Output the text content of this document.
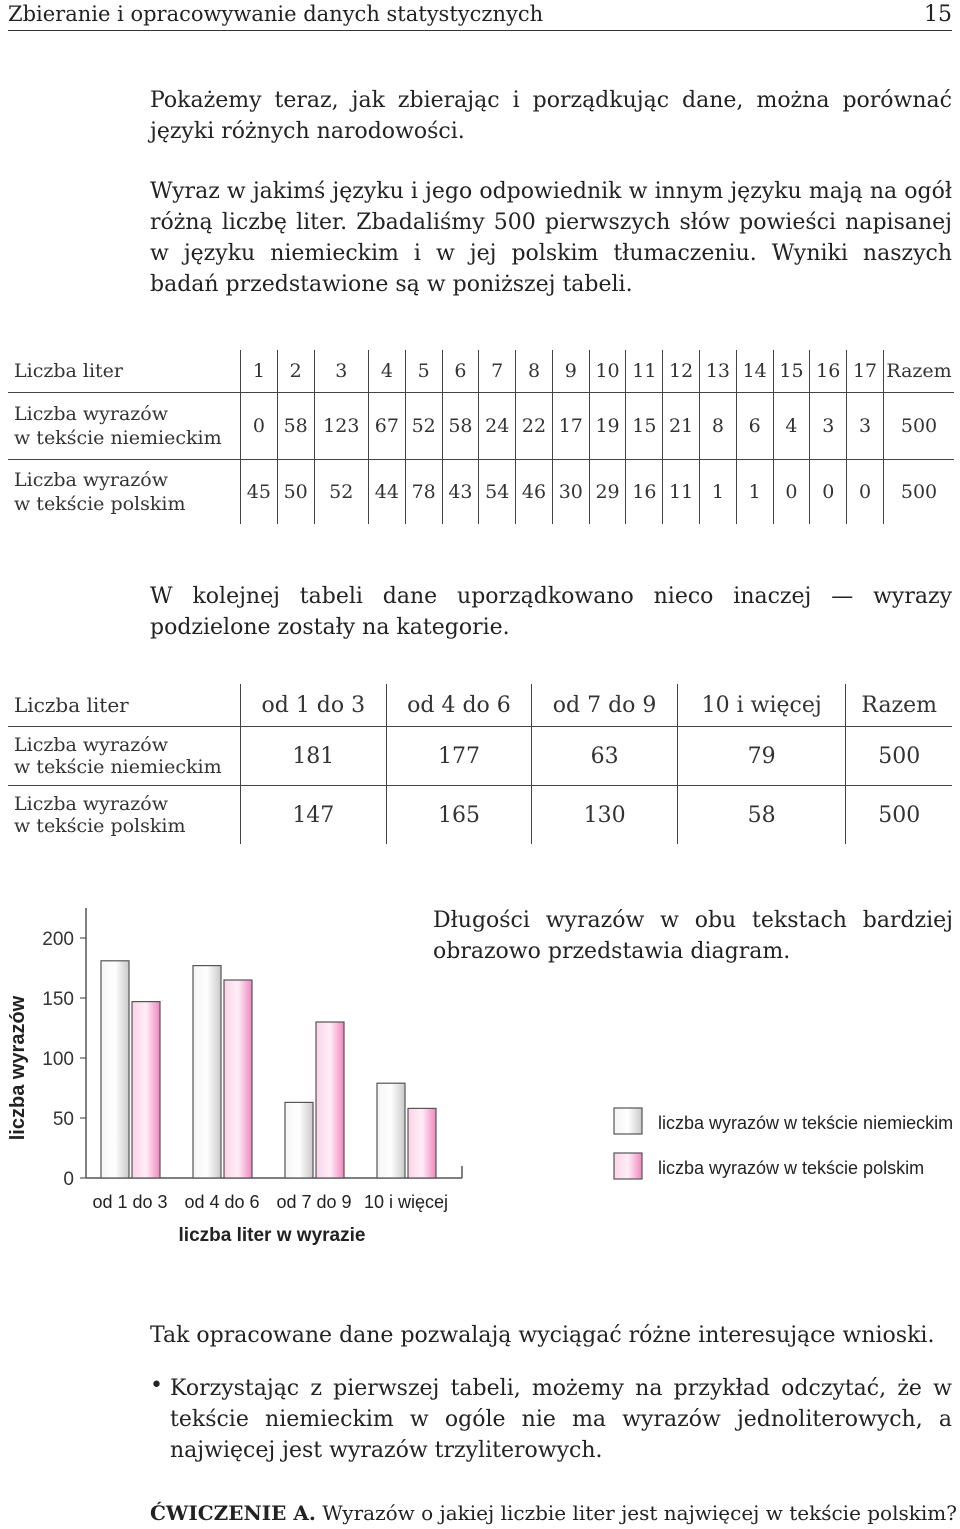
Zbieranie i opracowywanie danych statystycznych	15

Pokażemy teraz, jak zbierając i porządkując dane, można porównać języki różnych narodowości.

Wyraz w jakimś języku i jego odpowiednik w innym języku mają na ogół różną liczbę liter. Zbadaliśmy 500 pierwszych słów powieści napisanej w języku niemieckim i w jej polskim tłumaczeniu. Wyniki naszych badań przedstawione są w poniższej tabeli.

Liczba liter	1	2	3	4	5	6	7	8	9	10	11	12	13	14	15	16	17	Razem
Liczba wyrazów
w tekście niemieckim	0	58	123	67	52	58	24	22	17	19	15	21	8	6	4	3	3	500
Liczba wyrazów
w tekście polskim	45	50	52	44	78	43	54	46	30	29	16	11	1	1	0	0	0	500

W kolejnej tabeli dane uporządkowano nieco inaczej — wyrazy podzielone zostały na kategorie.

Liczba liter	od 1 do 3	od 4 do 6	od 7 do 9	10 i więcej	Razem
Liczba wyrazów
w tekście niemieckim	181	177	63	79	500
Liczba wyrazów
w tekście polskim	147	165	130	58	500

Długości wyrazów w obu tekstach bardziej obrazowo przedstawia diagram.

0
50
100
150
200
liczba wyrazów
od 1 do 3 od 4 do 6 od 7 do 9 10 i więcej
liczba liter w wyrazie
liczba wyrazów w tekście niemieckim
liczba wyrazów w tekście polskim

Tak opracowane dane pozwalają wyciągać różne interesujące wnioski.

• Korzystając z pierwszej tabeli, możemy na przykład odczytać, że w tekście niemieckim w ogóle nie ma wyrazów jednoliterowych, a najwięcej jest wyrazów trzyliterowych.

ĆWICZENIE A. Wyrazów o jakiej liczbie liter jest najwięcej w tekście polskim?
